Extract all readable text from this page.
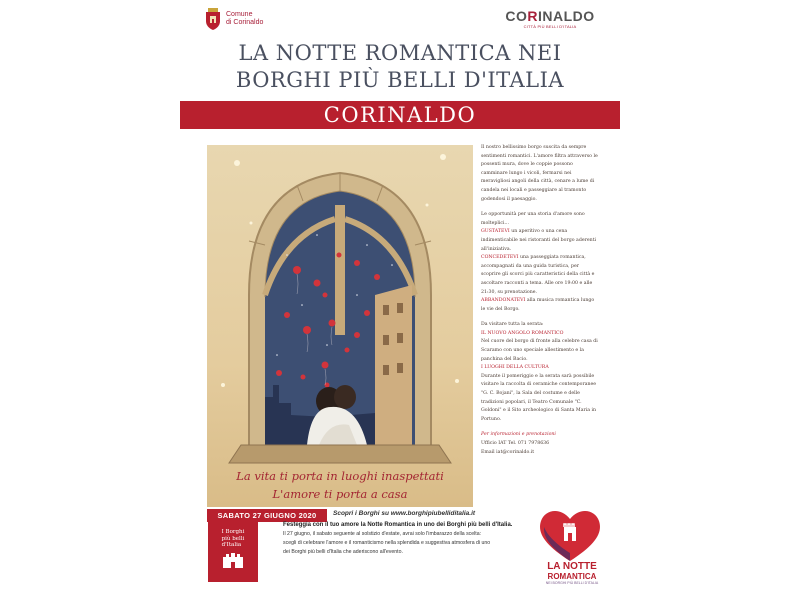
Comune
di Corinaldo	CORINALDO
CITTÀ PIÙ BELLI D'ITALIA
LA NOTTE ROMANTICA NEI
BORGHI PIÙ BELLI D'ITALIA
CORINALDO
La vita ti porta in luoghi inaspettati
L'amore ti porta a casa
SABATO 27 GIUGNO 2020	Scopri i Borghi su www.borghipiubelliditalia.it

Il nostro bellissimo borgo suscita da sempre sentimenti romantici. L'amore filtra attraverso le possenti mura, dove le coppie possono camminare lungo i vicoli, fermarsi nei meravigliosi angoli della città, cenare a lume di candela nei locali e passeggiare al tramonto godendosi il paesaggio.

Le opportunità per una storia d'amore sono molteplici...
GUSTATEVI un aperitivo o una cena indimenticabile nei ristoranti del borgo aderenti all'iniziativa.
CONCEDETEVI una passeggiata romantica, accompagnati da una guida turistica, per scoprire gli scorci più caratteristici della città e ascoltare racconti a tema. Alle ore 19:00 e alle 21:30, su prenotazione.

ABBANDONATEVI alla musica romantica lungo le vie del Borgo.

Da visitare tutta la serata:
IL NUOVO ANGOLO ROMANTICO
Nel cuore del borgo di fronte alla celebre casa di Scaramo con uno speciale allestimento e la panchina del Bacio.
I LUOGHI DELLA CULTURA

Durante il pomeriggio e la serata sarà possibile visitare la raccolta di ceramiche contemporanee "G. C. Bojani", la Sala del costume e delle tradizioni popolari, il Teatro Comunale "C. Goldoni" e il Sito archeologico di Santa Maria in Portuno.

Per informazioni e prenotazioni
Ufficio IAT Tel. 071 7978636
Email iat@corinaldo.it
I Borghi
più belli
d'Italia
Festeggia con il tuo amore la Notte Romantica in uno dei Borghi più belli d'Italia.
Il 27 giugno, il sabato seguente al solstizio d'estate, avrai solo l'imbarazzo della scelta:
scegli di celebrare l'amore e il romanticismo nella splendida e suggestiva atmosfera di uno
dei Borghi più belli d'Italia che aderiscono all'evento.
LA NOTTE
ROMANTICA
NEI BORGHI PIÙ BELLI D'ITALIA
